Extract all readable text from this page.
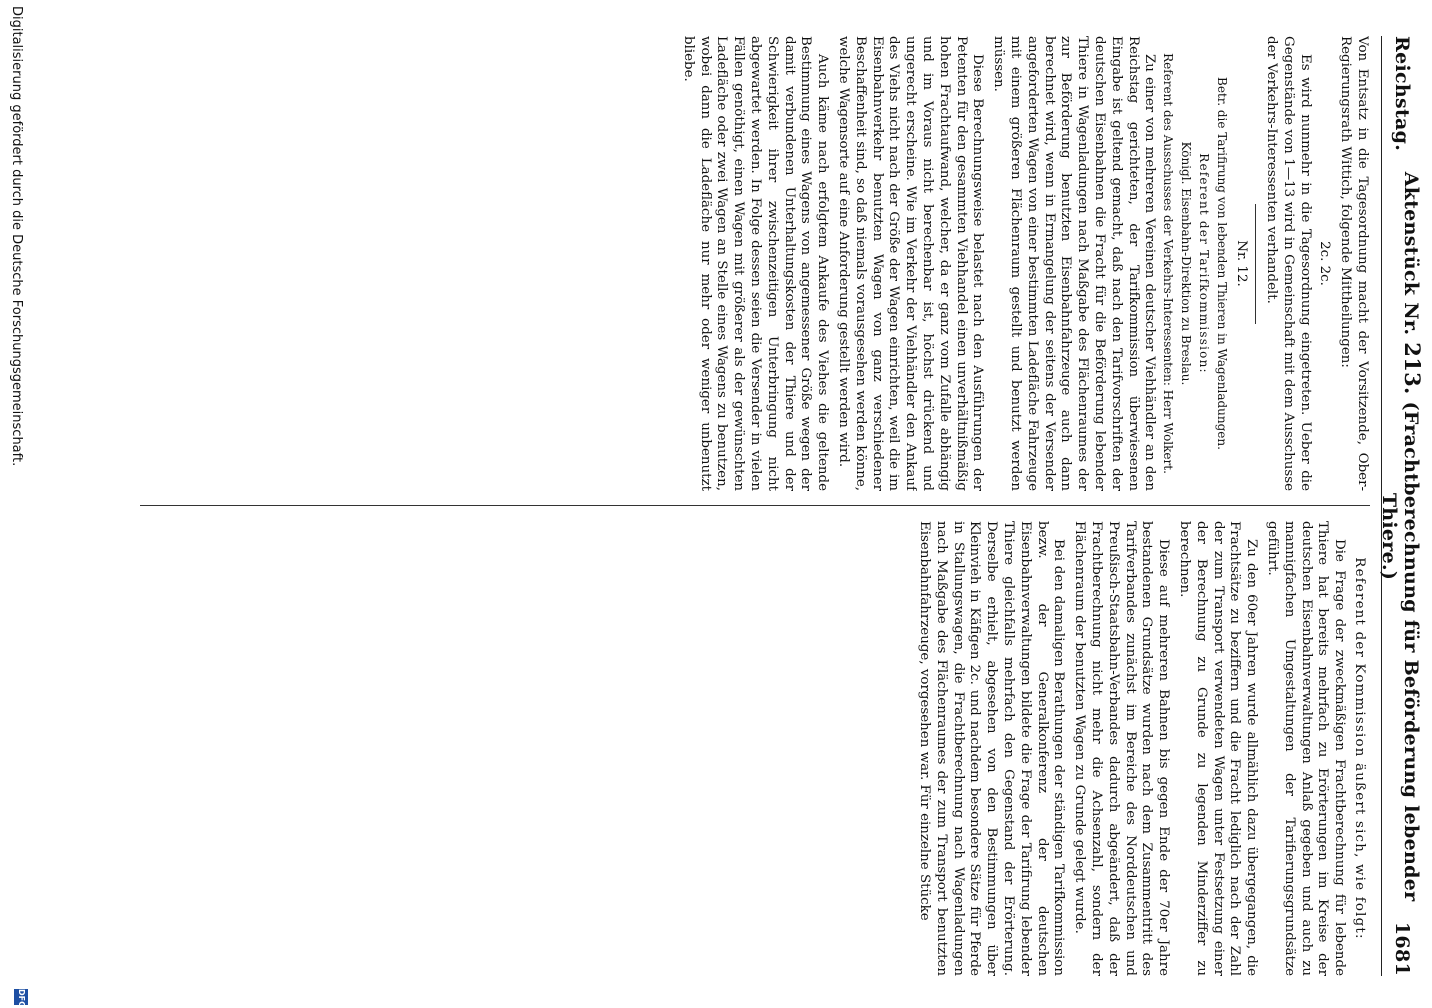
Reichstag.
Aktenstück Nr. 213. (Frachtberechnung für Beförderung lebender Thiere.)
1681

Von Entsatz in die Tagesordnung macht der Vorsitzende, Ober-Regierungsrath Wittich, folgende Mittheilungen:

2c. 2c.

Es wird nunmehr in die Tagesordnung eingetreten. Ueber die Gegenstände von 1—13 wird in Gemeinschaft mit dem Ausschusse der Verkehrs-Interessenten verhandelt.

Nr. 12.

Betr. die Tarifirung von lebenden Thieren in Wagenladungen.

Referent der Tarifkommission:

Königl. Eisenbahn-Direktion zu Breslau.

Referent des Ausschusses der Verkehrs-Interessenten: Herr Wolkert.

Zu einer von mehreren Vereinen deutscher Viehhändler an den Reichstag gerichteten, der Tarifkommission überwiesenen Eingabe ist geltend gemacht, daß nach den Tarifvorschriften der deutschen Eisenbahnen die Fracht für die Beförderung lebender Thiere in Wagenladungen nach Maßgabe des Flächenraumes der zur Beförderung benutzten Eisenbahnfahrzeuge auch dann berechnet wird, wenn in Ermangelung der seitens der Versender angeforderten Wagen von einer bestimmten Ladefläche Fahrzeuge mit einem größeren Flächenraum gestellt und benutzt werden müssen.

Diese Berechnungsweise belastet nach den Ausführungen der Petenten für den gesammten Viehhandel einen unverhältnißmäßig hohen Frachtaufwand, welcher, da er ganz vom Zufalle abhängig und im Voraus nicht berechenbar ist, höchst drückend und ungerecht erscheine. Wie im Verkehr der Viehhändler den Ankauf des Viehs nicht nach der Größe der Wagen einrichten, weil die im Eisenbahnverkehr benutzten Wagen von ganz verschiedener Beschaffenheit sind, so daß niemals vorausgesehen werden könne, welche Wagensorte auf eine Anforderung gestellt werden wird.

Auch käme nach erfolgtem Ankaufe des Viehes die geltende Bestimmung eines Wagens von angemessener Größe wegen der damit verbundenen Unterhaltungskosten der Thiere und der Schwierigkeit ihrer zwischenzeitigen Unterbringung nicht abgewartet werden. In Folge dessen seien die Versender in vielen Fällen genöthigt, einen Wagen mit größerer als der gewünschten Ladefläche oder zwei Wagen an Stelle eines Wagens zu benutzen, wobei dann die Ladefläche nur mehr oder weniger unbenutzt bliebe.

Referent der Kommission äußert sich, wie folgt:

Die Frage der zweckmäßigen Frachtberechnung für lebende Thiere hat bereits mehrfach zu Erörterungen im Kreise der deutschen Eisenbahnverwaltungen Anlaß gegeben und auch zu mannigfachen Umgestaltungen der Tarifierungsgrundsätze geführt.

Zu den 60er Jahren wurde allmählich dazu übergegangen, die Frachtsätze zu beziffern und die Fracht lediglich nach der Zahl der zum Transport verwendeten Wagen unter Festsetzung einer der Berechnung zu Grunde zu legenden Minderziffer zu berechnen.

Diese auf mehreren Bahnen bis gegen Ende der 70er Jahre bestandenen Grundsätze wurden nach dem Zusammentritt des Tarifverbandes zunächst im Bereiche des Norddeutschen und Preußisch-Staatsbahn-Verbandes dadurch abgeändert, daß der Frachtberechnung nicht mehr die Achsenzahl, sondern der Flächenraum der benutzten Wagen zu Grunde gelegt wurde.

Bei den damaligen Berathungen der ständigen Tarifkommission bezw. der Generalkonferenz der deutschen Eisenbahnverwaltungen bildete die Frage der Tarifirung lebender Thiere gleichfalls mehrfach den Gegenstand der Erörterung. Derselbe erhielt, abgesehen von den Bestimmungen über Kleinvieh in Käfigen 2c. und nachdem besondere Sätze für Pferde in Stallungswagen, die Frachtberechnung nach Wagenladungen nach Maßgabe des Flächenraumes der zum Transport benutzten Eisenbahnfahrzeuge, vorgesehen war. Für einzelne Stücke

Digitalisierung gefördert durch die Deutsche Forschungsgemeinschaft.
DFG
